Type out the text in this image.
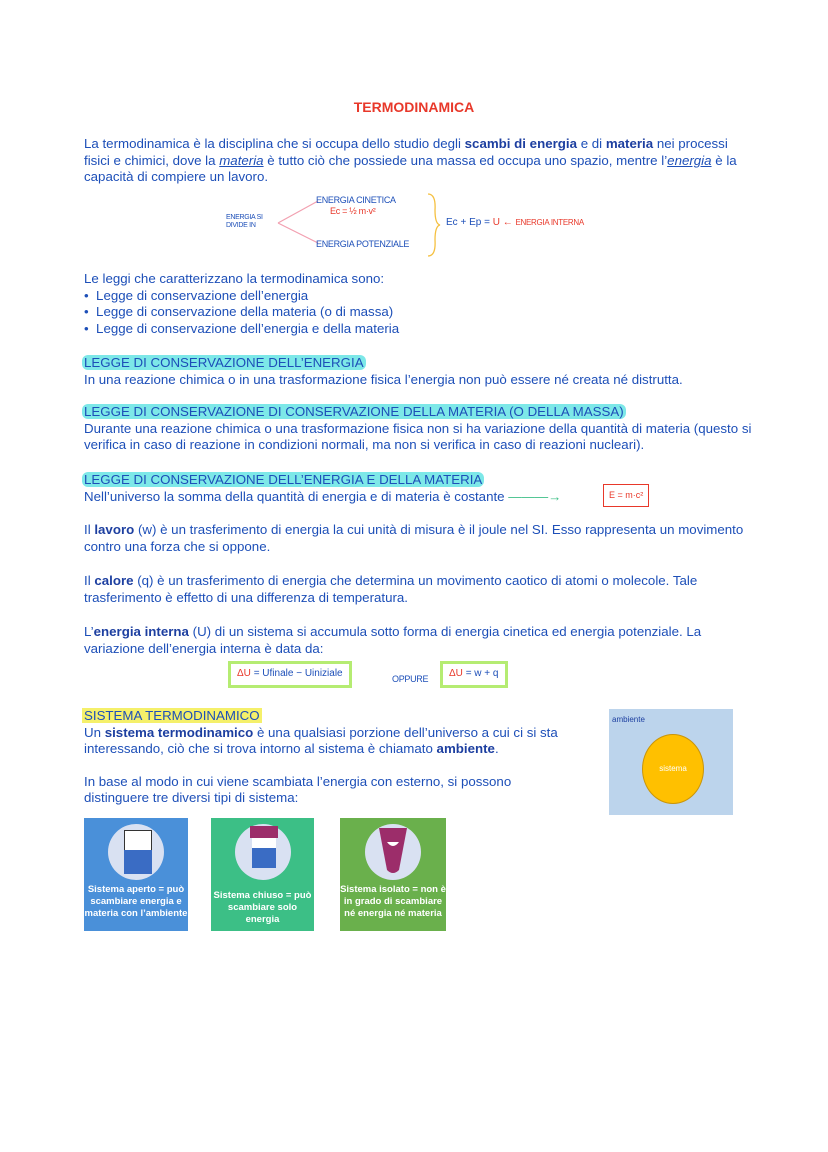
TERMODINAMICA

La termodinamica è la disciplina che si occupa dello studio degli scambi di energia e di materia nei processi fisici e chimici, dove la materia è tutto ciò che possiede una massa ed occupa uno spazio, mentre l’energia è la capacità di compiere un lavoro.

ENERGIA SI DIVIDE IN
ENERGIA CINETICA
Ec = ½ m·v²
ENERGIA POTENZIALE
Ec + Ep = U ← ENERGIA INTERNA

Le leggi che caratterizzano la termodinamica sono:

•  Legge di conservazione dell’energia

•  Legge di conservazione della materia (o di massa)

•  Legge di conservazione dell’energia e della materia

LEGGE DI CONSERVAZIONE DELL’ENERGIA

In una reazione chimica o in una trasformazione fisica l’energia non può essere né creata né distrutta.

LEGGE DI CONSERVAZIONE DI CONSERVAZIONE DELLA MATERIA (O DELLA MASSA)

Durante una reazione chimica o una trasformazione fisica non si ha variazione della quantità di materia (questo si verifica in caso di reazione in condizioni normali, ma non si verifica in caso di reazioni nucleari).

LEGGE DI CONSERVAZIONE DELL’ENERGIA E DELLA MATERIA

Nell’universo la somma della quantità di energia e di materia è costante ———→	E = m·c²

Il lavoro (w) è un trasferimento di energia la cui unità di misura è il joule nel SI. Esso rappresenta un movimento contro una forza che si oppone.

Il calore (q) è un trasferimento di energia che determina un movimento caotico di atomi o molecole. Tale trasferimento è effetto di una differenza di temperatura.

L’energia interna (U) di un sistema si accumula sotto forma di energia cinetica ed energia potenziale. La variazione dell’energia interna è data da:

ΔU = Ufinale − Uiniziale	OPPURE	ΔU = w + q

SISTEMA TERMODINAMICO

Un sistema termodinamico è una qualsiasi porzione dell’universo a cui ci si sta interessando, ciò che si trova intorno al sistema è chiamato ambiente.

In base al modo in cui viene scambiata l’energia con esterno, si possono distinguere tre diversi tipi di sistema:

ambiente
sistema
Sistema aperto = può scambiare energia e materia con l’ambiente
Sistema chiuso = può scambiare solo energia
Sistema isolato = non è in grado di scambiare né energia né materia
